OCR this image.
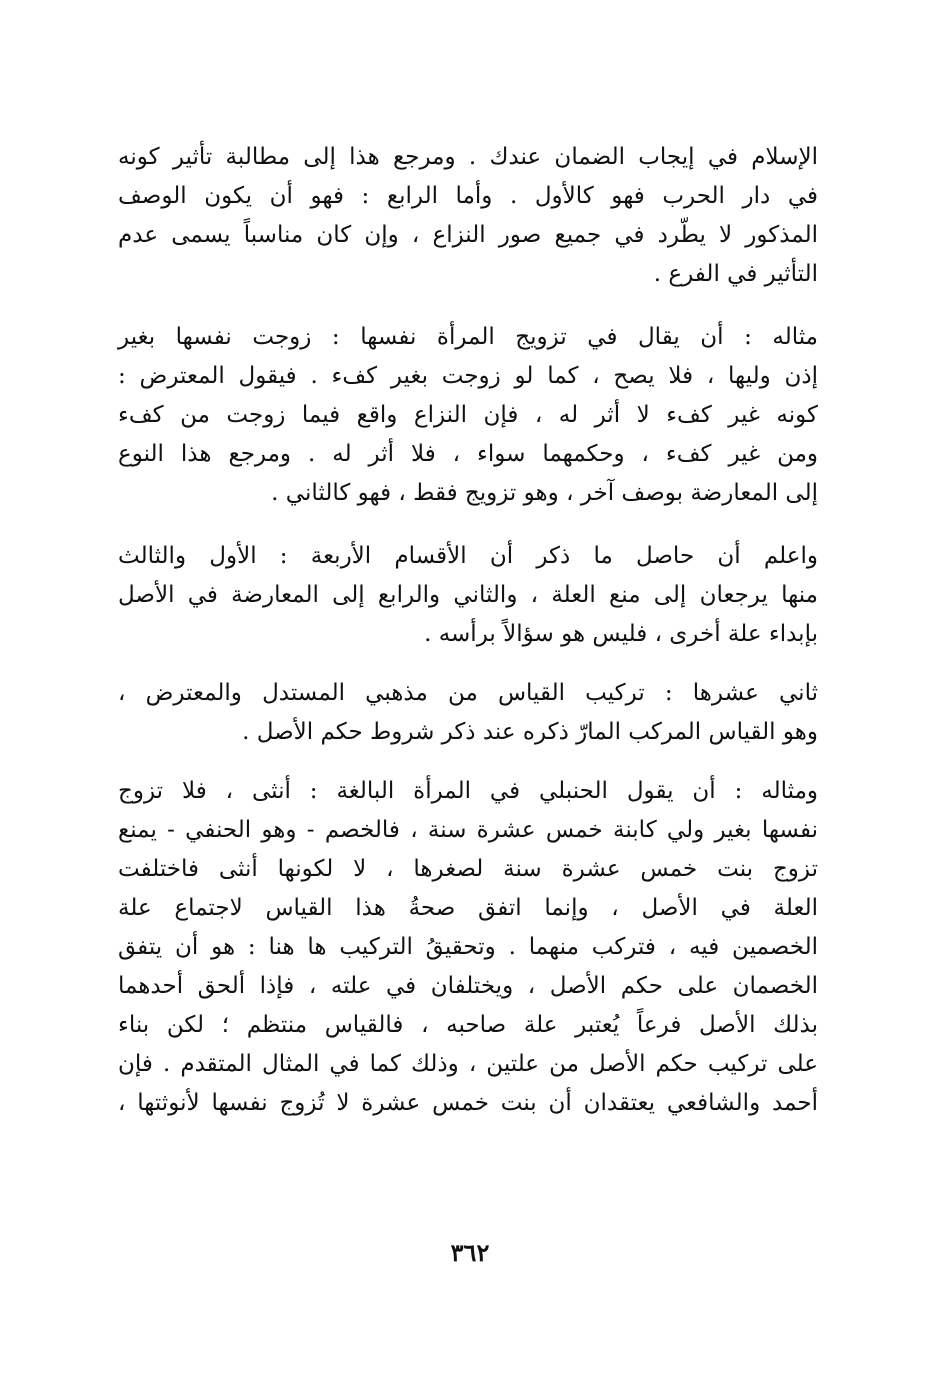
الإسلام في إيجاب الضمان عندك . ومرجع هذا إلى مطالبة تأثير كونه
في دار الحرب فهو كالأول . وأما الرابع : فهو أن يكون الوصف
المذكور لا يطّرد في جميع صور النزاع ، وإن كان مناسباً يسمى عدم
التأثير في الفرع .
مثاله : أن يقال في تزويج المرأة نفسها : زوجت نفسها بغير
إذن وليها ، فلا يصح ، كما لو زوجت بغير كفء . فيقول المعترض :
كونه غير كفء لا أثر له ، فإن النزاع واقع فيما زوجت من كفء
ومن غير كفء ، وحكمهما سواء ، فلا أثر له . ومرجع هذا النوع
إلى المعارضة بوصف آخر ، وهو تزويج فقط ، فهو كالثاني .
واعلم أن حاصل ما ذكر أن الأقسام الأربعة : الأول والثالث
منها يرجعان إلى منع العلة ، والثاني والرابع إلى المعارضة في الأصل
بإبداء علة أخرى ، فليس هو سؤالاً برأسه .
ثاني عشرها : تركيب القياس من مذهبي المستدل والمعترض ،
وهو القياس المركب المارّ ذكره عند ذكر شروط حكم الأصل .
ومثاله : أن يقول الحنبلي في المرأة البالغة : أنثى ، فلا تزوج
نفسها بغير ولي كابنة خمس عشرة سنة ، فالخصم - وهو الحنفي - يمنع
تزوج بنت خمس عشرة سنة لصغرها ، لا لكونها أنثى فاختلفت
العلة في الأصل ، وإنما اتفق صحةُ هذا القياس لاجتماع علة
الخصمين فيه ، فتركب منهما . وتحقيقُ التركيب ها هنا : هو أن يتفق
الخصمان على حكم الأصل ، ويختلفان في علته ، فإذا ألحق أحدهما
بذلك الأصل فرعاً يُعتبر علة صاحبه ، فالقياس منتظم ؛ لكن بناء
على تركيب حكم الأصل من علتين ، وذلك كما في المثال المتقدم . فإن
أحمد والشافعي يعتقدان أن بنت خمس عشرة لا تُزوج نفسها لأنوثتها ،
٣٦٢
